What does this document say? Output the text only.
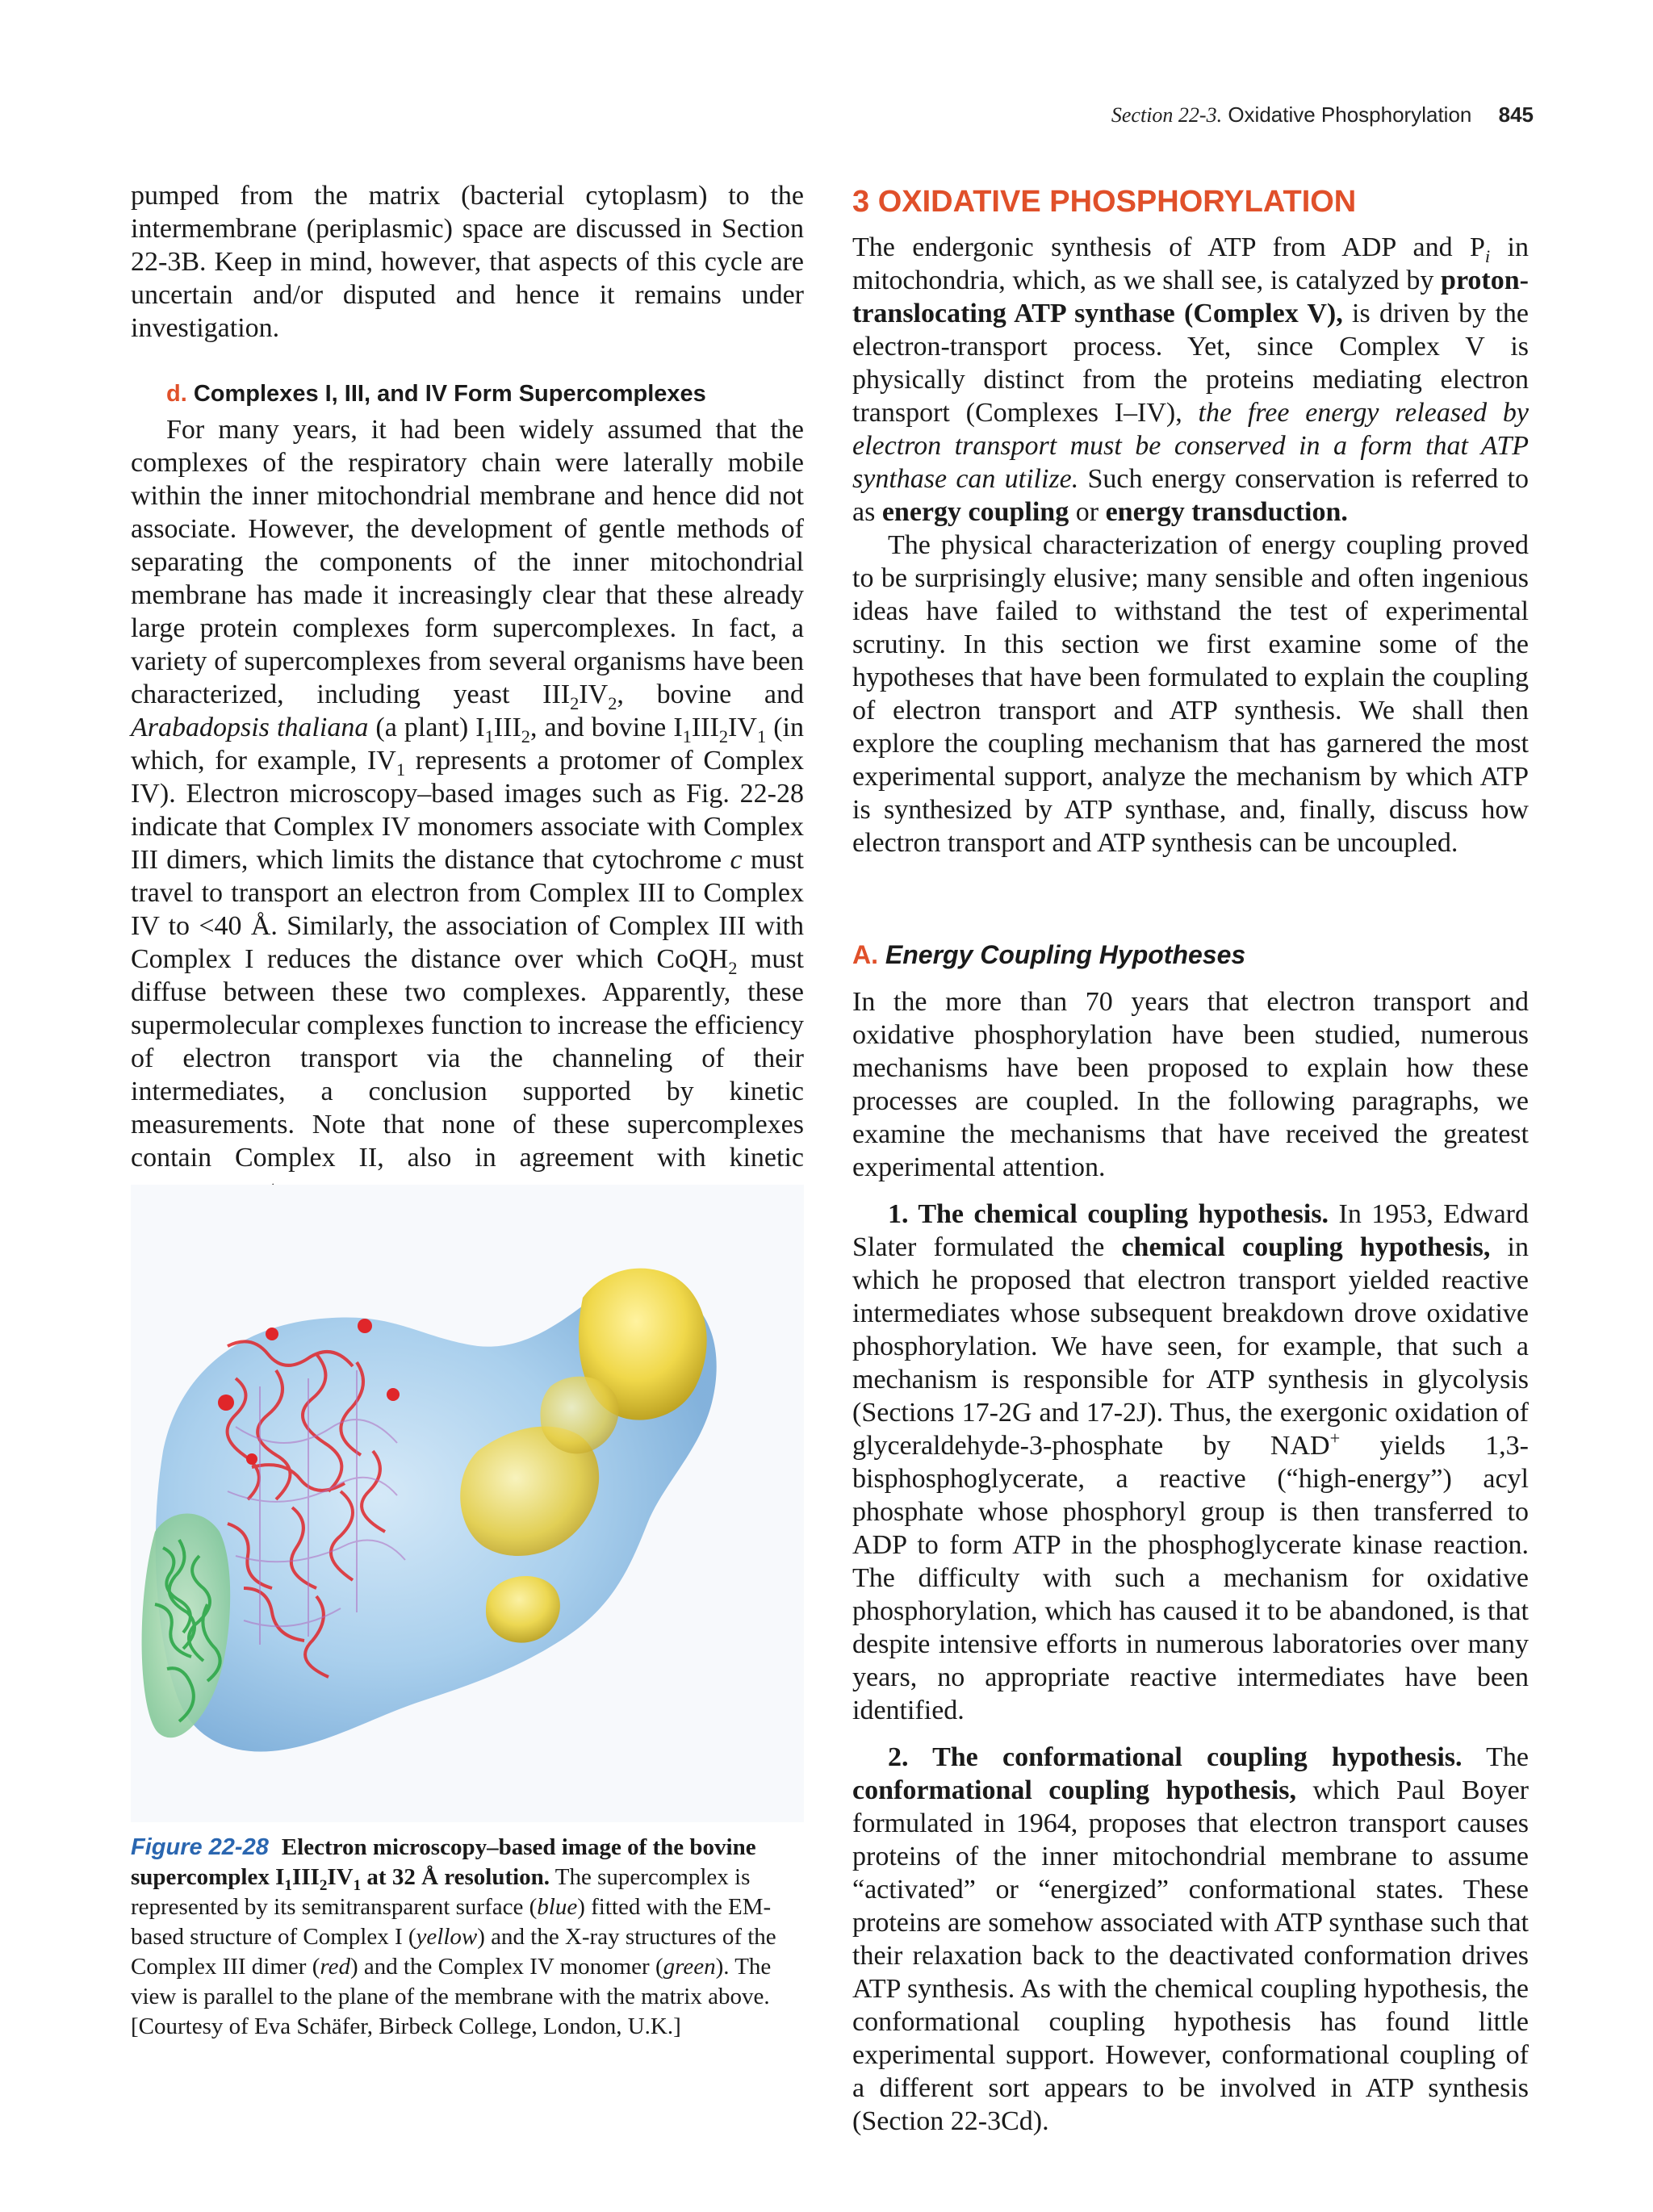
Section 22-3. Oxidative Phosphorylation 845

pumped from the matrix (bacterial cytoplasm) to the intermembrane (periplasmic) space are discussed in Section 22-3B. Keep in mind, however, that aspects of this cycle are uncertain and/or disputed and hence it remains under investigation.

d. Complexes I, III, and IV Form Supercomplexes

For many years, it had been widely assumed that the complexes of the respiratory chain were laterally mobile within the inner mitochondrial membrane and hence did not associate. However, the development of gentle methods of separating the components of the inner mitochondrial membrane has made it increasingly clear that these already large protein complexes form supercomplexes. In fact, a variety of supercomplexes from several organisms have been characterized, including yeast $III_2IV_2$, bovine and Arabadopsis thaliana (a plant) $I_1III_2$, and bovine $I_1III_2IV_1$ (in which, for example, $IV_1$ represents a protomer of Complex IV). Electron microscopy–based images such as Fig. 22-28 indicate that Complex IV monomers associate with Complex III dimers, which limits the distance that cytochrome c must travel to transport an electron from Complex III to Complex IV to <40 Å. Similarly, the association of Complex III with Complex I reduces the distance over which CoQH$_2$ must diffuse between these two complexes. Apparently, these supermolecular complexes function to increase the efficiency of electron transport via the channeling of their intermediates, a conclusion supported by kinetic measurements. Note that none of these supercomplexes contain Complex II, also in agreement with kinetic

Figure 22-28 Electron microscopy–based image of the bovine supercomplex $I_1III_2IV_1$ at 32 Å resolution. The supercomplex is represented by its semitransparent surface (blue) fitted with the EM-based structure of Complex I (yellow) and the X-ray structures of the Complex III dimer (red) and the Complex IV monomer (green). The view is parallel to the plane of the membrane with the matrix above. [Courtesy of Eva Schäfer, Birbeck College, London, U.K.]
3 OXIDATIVE PHOSPHORYLATION

The endergonic synthesis of ATP from ADP and $P_i$ in mitochondria, which, as we shall see, is catalyzed by proton-translocating ATP synthase (Complex V), is driven by the electron-transport process. Yet, since Complex V is physically distinct from the proteins mediating electron transport (Complexes I–IV), the free energy released by electron transport must be conserved in a form that ATP synthase can utilize. Such energy conservation is referred to as energy coupling or energy transduction.

The physical characterization of energy coupling proved to be surprisingly elusive; many sensible and often ingenious ideas have failed to withstand the test of experimental scrutiny. In this section we first examine some of the hypotheses that have been formulated to explain the coupling of electron transport and ATP synthesis. We shall then explore the coupling mechanism that has garnered the most experimental support, analyze the mechanism by which ATP is synthesized by ATP synthase, and, finally, discuss how electron transport and ATP synthesis can be uncoupled.

A. Energy Coupling Hypotheses

In the more than 70 years that electron transport and oxidative phosphorylation have been studied, numerous mechanisms have been proposed to explain how these processes are coupled. In the following paragraphs, we examine the mechanisms that have received the greatest experimental attention.

1. The chemical coupling hypothesis. In 1953, Edward Slater formulated the chemical coupling hypothesis, in which he proposed that electron transport yielded reactive intermediates whose subsequent breakdown drove oxidative phosphorylation. We have seen, for example, that such a mechanism is responsible for ATP synthesis in glycolysis (Sections 17-2G and 17-2J). Thus, the exergonic oxidation of glyceraldehyde-3-phosphate by NAD+ yields 1,3-bisphosphoglycerate, a reactive (“high-energy”) acyl phosphate whose phosphoryl group is then transferred to ADP to form ATP in the phosphoglycerate kinase reaction. The difficulty with such a mechanism for oxidative phosphorylation, which has caused it to be abandoned, is that despite intensive efforts in numerous laboratories over many years, no appropriate reactive intermediates have been identified.

2. The conformational coupling hypothesis. The conformational coupling hypothesis, which Paul Boyer formulated in 1964, proposes that electron transport causes proteins of the inner mitochondrial membrane to assume “activated” or “energized” conformational states. These proteins are somehow associated with ATP synthase such that their relaxation back to the deactivated conformation drives ATP synthesis. As with the chemical coupling hypothesis, the conformational coupling hypothesis has found little experimental support. However, conformational coupling of a different sort appears to be involved in ATP synthesis (Section 22-3Cd).
